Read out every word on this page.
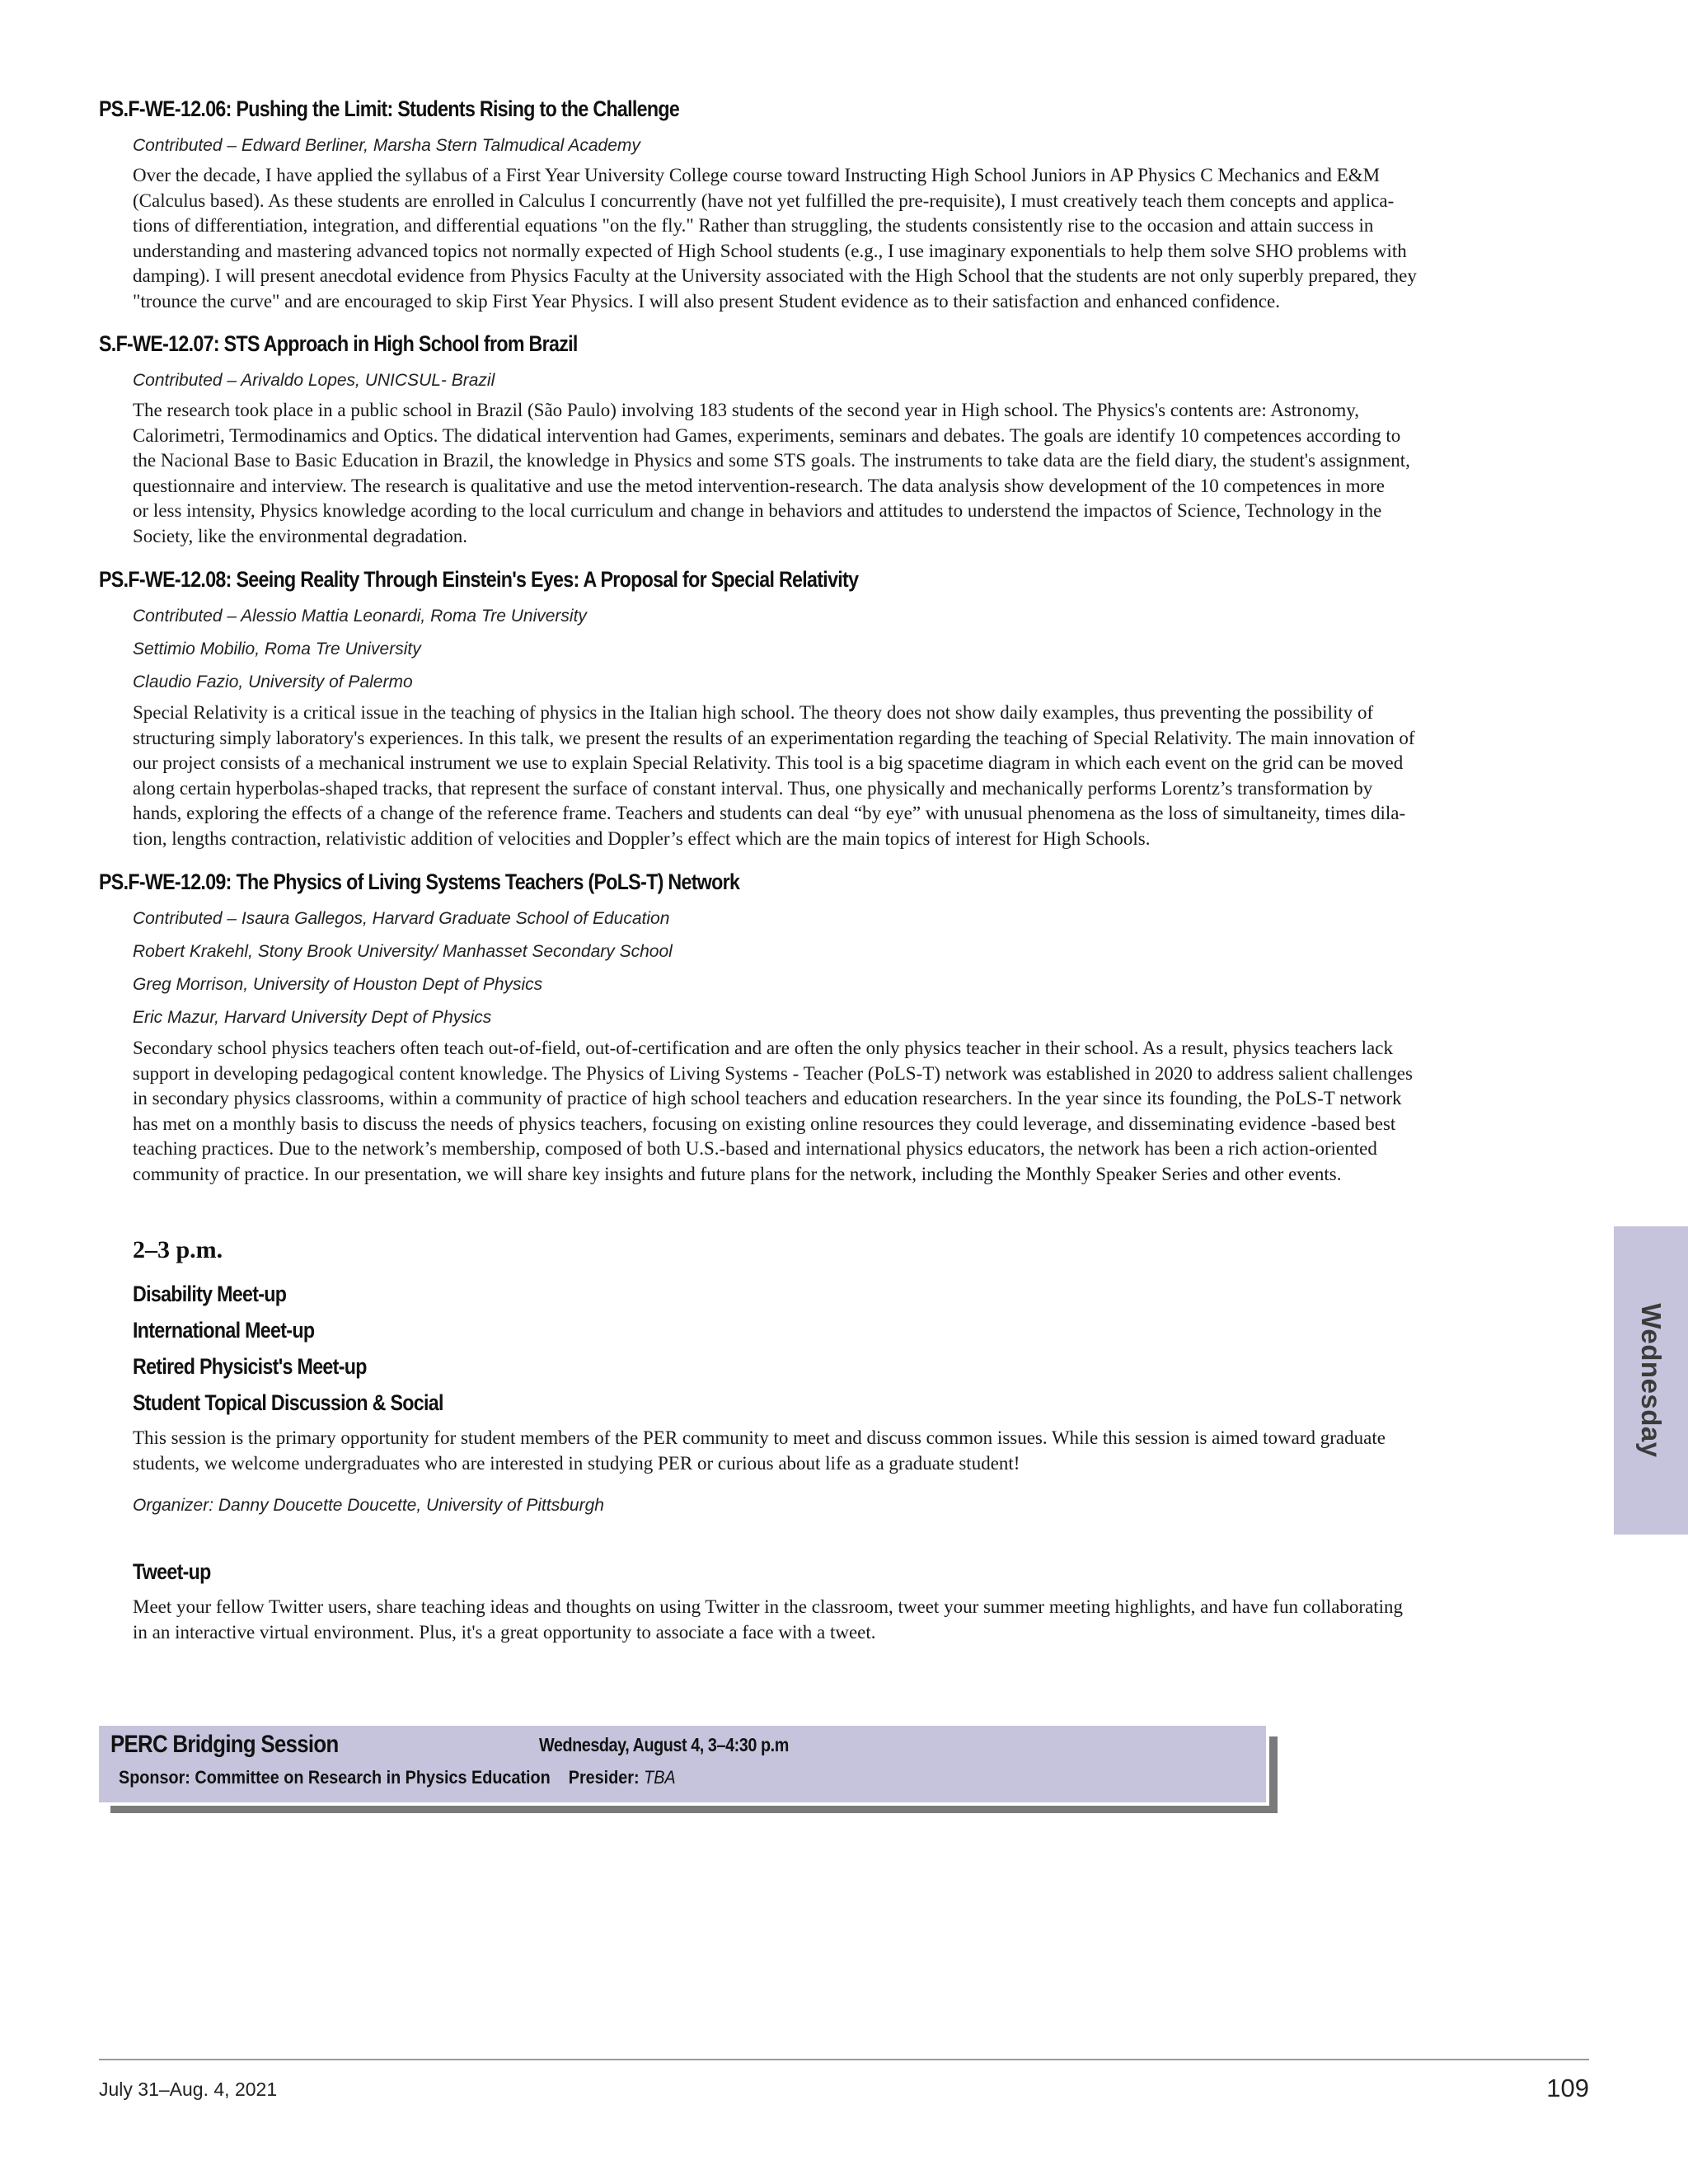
PS.F-WE-12.06: Pushing the Limit: Students Rising to the Challenge
Contributed – Edward Berliner, Marsha Stern Talmudical Academy
Over the decade, I have applied the syllabus of a First Year University College course toward Instructing High School Juniors in AP Physics C Mechanics and E&M
(Calculus based). As these students are enrolled in Calculus I concurrently (have not yet fulfilled the pre-requisite), I must creatively teach them concepts and applica-
tions of differentiation, integration, and differential equations "on the fly." Rather than struggling, the students consistently rise to the occasion and attain success in
understanding and mastering advanced topics not normally expected of High School students (e.g., I use imaginary exponentials to help them solve SHO problems with
damping). I will present anecdotal evidence from Physics Faculty at the University associated with the High School that the students are not only superbly prepared, they
"trounce the curve" and are encouraged to skip First Year Physics. I will also present Student evidence as to their satisfaction and enhanced confidence.
S.F-WE-12.07: STS Approach in High School from Brazil
Contributed – Arivaldo Lopes, UNICSUL- Brazil
The research took place in a public school in Brazil (São Paulo) involving 183 students of the second year in High school. The Physics's contents are: Astronomy,
Calorimetri, Termodinamics and Optics. The didatical intervention had Games, experiments, seminars and debates. The goals are identify 10 competences according to
the Nacional Base to Basic Education in Brazil, the knowledge in Physics and some STS goals. The instruments to take data are the field diary, the student's assignment,
questionnaire and interview. The research is qualitative and use the metod intervention-research. The data analysis show development of the 10 competences in more
or less intensity, Physics knowledge acording to the local curriculum and change in behaviors and attitudes to understend the impactos of Science, Technology in the
Society, like the environmental degradation.
PS.F-WE-12.08: Seeing Reality Through Einstein's Eyes: A Proposal for Special Relativity
Contributed – Alessio Mattia Leonardi, Roma Tre University
Settimio Mobilio, Roma Tre University
Claudio Fazio, University of Palermo
Special Relativity is a critical issue in the teaching of physics in the Italian high school. The theory does not show daily examples, thus preventing the possibility of
structuring simply laboratory's experiences. In this talk, we present the results of an experimentation regarding the teaching of Special Relativity. The main innovation of
our project consists of a mechanical instrument we use to explain Special Relativity. This tool is a big spacetime diagram in which each event on the grid can be moved
along certain hyperbolas-shaped tracks, that represent the surface of constant interval. Thus, one physically and mechanically performs Lorentz’s transformation by
hands, exploring the effects of a change of the reference frame. Teachers and students can deal “by eye” with unusual phenomena as the loss of simultaneity, times dila-
tion, lengths contraction, relativistic addition of velocities and Doppler’s effect which are the main topics of interest for High Schools.
PS.F-WE-12.09: The Physics of Living Systems Teachers (PoLS-T) Network
Contributed – Isaura Gallegos, Harvard Graduate School of Education
Robert Krakehl, Stony Brook University/ Manhasset Secondary School
Greg Morrison, University of Houston Dept of Physics
Eric Mazur, Harvard University Dept of Physics
Secondary school physics teachers often teach out-of-field, out-of-certification and are often the only physics teacher in their school. As a result, physics teachers lack
support in developing pedagogical content knowledge. The Physics of Living Systems - Teacher (PoLS-T) network was established in 2020 to address salient challenges
in secondary physics classrooms, within a community of practice of high school teachers and education researchers. In the year since its founding, the PoLS-T network
has met on a monthly basis to discuss the needs of physics teachers, focusing on existing online resources they could leverage, and disseminating evidence -based best
teaching practices. Due to the network’s membership, composed of both U.S.-based and international physics educators, the network has been a rich action-oriented
community of practice. In our presentation, we will share key insights and future plans for the network, including the Monthly Speaker Series and other events.
2–3 p.m.
Disability Meet-up
International Meet-up
Retired Physicist's Meet-up
Student Topical Discussion & Social
This session is the primary opportunity for student members of the PER community to meet and discuss common issues. While this session is aimed toward graduate
students, we welcome undergraduates who are interested in studying PER or curious about life as a graduate student!
Organizer: Danny Doucette Doucette, University of Pittsburgh
Tweet-up
Meet your fellow Twitter users, share teaching ideas and thoughts on using Twitter in the classroom, tweet your summer meeting highlights, and have fun collaborating
in an interactive virtual environment. Plus, it's a great opportunity to associate a face with a tweet.
PERC Bridging Session	Wednesday, August 4, 3–4:30 p.m
Sponsor: Committee on Research in Physics Education Presider: TBA
Wednesday
July 31–Aug. 4, 2021	109
